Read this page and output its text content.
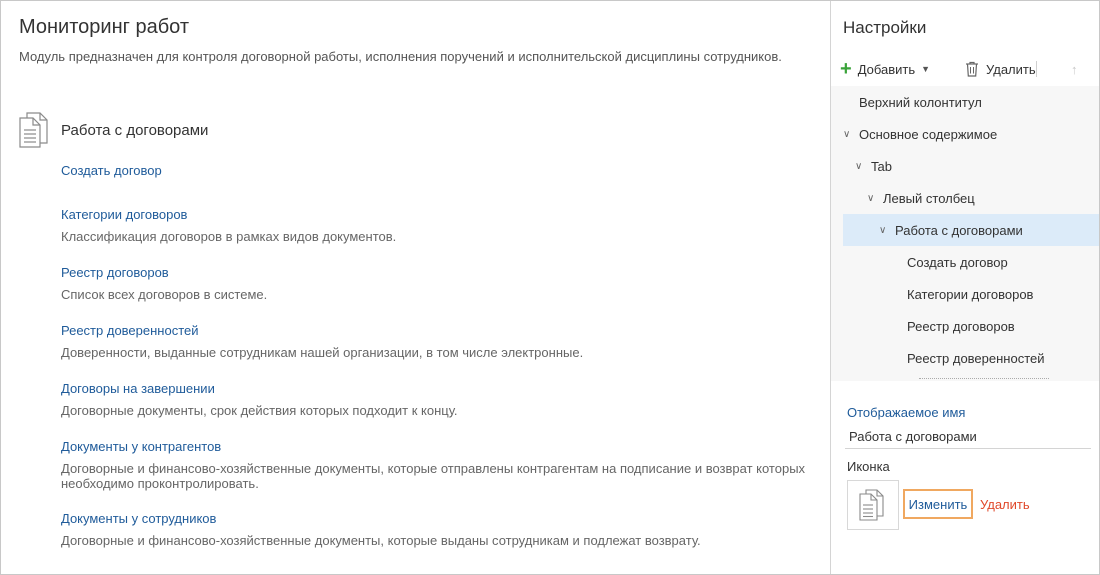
Мониторинг работ
Модуль предназначен для контроля договорной работы, исполнения поручений и исполнительской дисциплины сотрудников.
Работа с договорами
Создать договор
Категории договоров
Классификация договоров в рамках видов документов.
Реестр договоров
Список всех договоров в системе.
Реестр доверенностей
Доверенности, выданные сотрудникам нашей организации, в том числе электронные.
Договоры на завершении
Договорные документы, срок действия которых подходит к концу.
Документы у контрагентов
Договорные и финансово-хозяйственные документы, которые отправлены контрагентам на подписание и возврат которых необходимо проконтролировать.
Документы у сотрудников
Договорные и финансово-хозяйственные документы, которые выданы сотрудникам и подлежат возврату.
Настройки
+ Добавить ▼	Удалить	↑
Верхний колонтитул
∨ Основное содержимое
∨ Tab
∨ Левый столбец
∨ Работа с договорами
Создать договор
Категории договоров
Реестр договоров
Реестр доверенностей
Отображаемое имя
Работа с договорами
Иконка
Изменить Удалить
